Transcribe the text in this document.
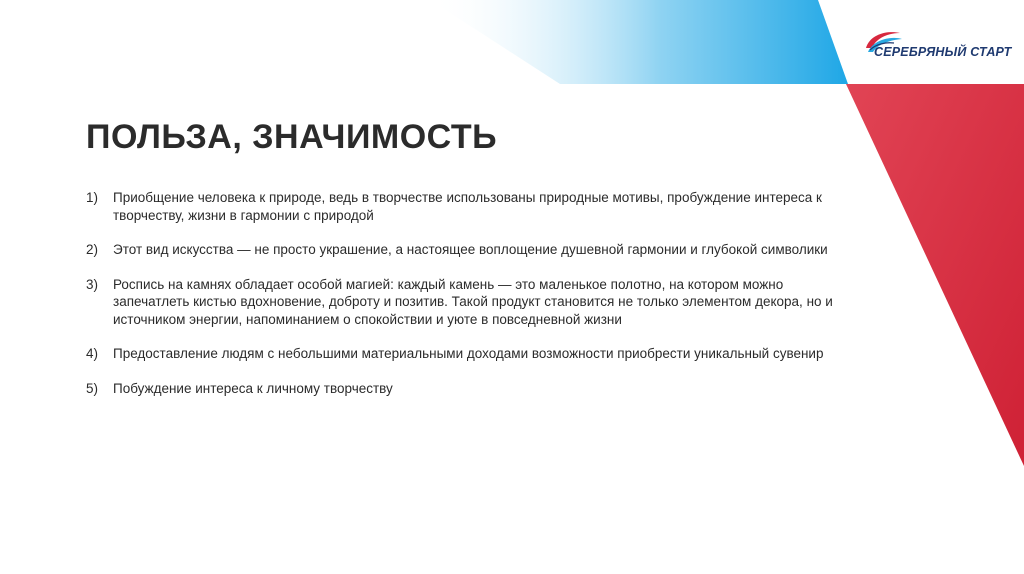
СЕРЕБРЯНЫЙ СТАРТ
ПОЛЬЗА, ЗНАЧИМОСТЬ
1)	Приобщение человека к природе, ведь в творчестве использованы природные мотивы, пробуждение интереса к творчеству, жизни в гармонии с природой
2)	Этот вид искусства — не просто украшение, а настоящее воплощение душевной гармонии и глубокой символики
3)	Роспись на камнях обладает особой магией: каждый камень — это маленькое полотно, на котором можно запечатлеть кистью вдохновение, доброту и позитив. Такой продукт становится не только элементом декора, но и источником энергии, напоминанием о спокойствии и уюте в повседневной жизни
4)	Предоставление людям с небольшими материальными доходами возможности приобрести уникальный сувенир
5)	Побуждение интереса к личному творчеству
